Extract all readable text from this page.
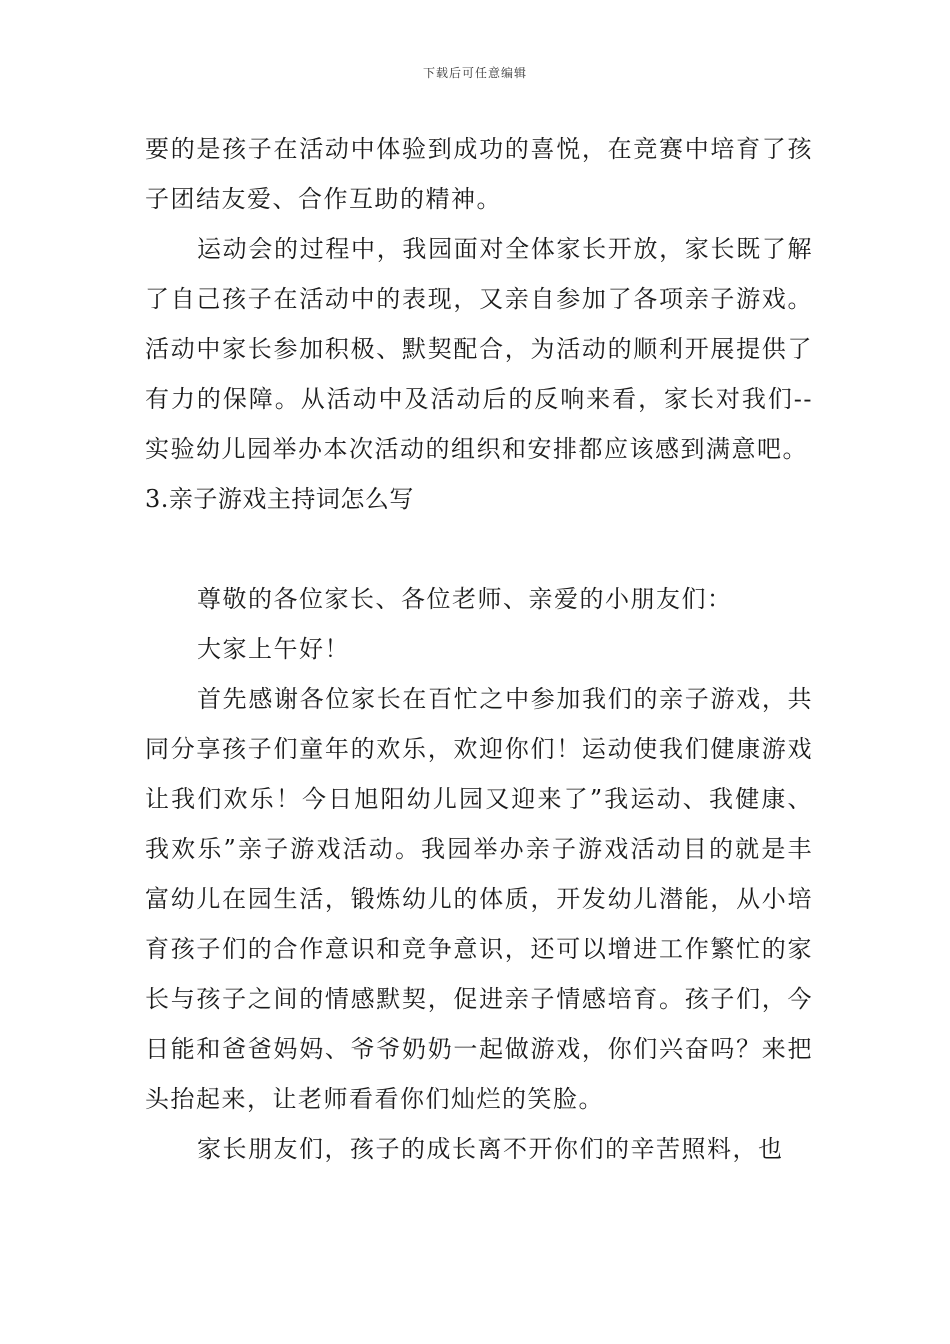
下载后可任意编辑

要的是孩子在活动中体验到成功的喜悦，在竞赛中培育了孩子团结友爱、合作互助的精神。

运动会的过程中，我园面对全体家长开放，家长既了解了自己孩子在活动中的表现，又亲自参加了各项亲子游戏。活动中家长参加积极、默契配合，为活动的顺利开展提供了有力的保障。从活动中及活动后的反响来看，家长对我们--实验幼儿园举办本次活动的组织和安排都应该感到满意吧。

3.亲子游戏主持词怎么写

尊敬的各位家长、各位老师、亲爱的小朋友们：

大家上午好！

首先感谢各位家长在百忙之中参加我们的亲子游戏，共同分享孩子们童年的欢乐，欢迎你们！运动使我们健康游戏让我们欢乐！今日旭阳幼儿园又迎来了”我运动、我健康、我欢乐”亲子游戏活动。我园举办亲子游戏活动目的就是丰富幼儿在园生活，锻炼幼儿的体质，开发幼儿潜能，从小培育孩子们的合作意识和竞争意识，还可以增进工作繁忙的家长与孩子之间的情感默契，促进亲子情感培育。孩子们，今日能和爸爸妈妈、爷爷奶奶一起做游戏，你们兴奋吗？来把头抬起来，让老师看看你们灿烂的笑脸。

家长朋友们，孩子的成长离不开你们的辛苦照料，也
